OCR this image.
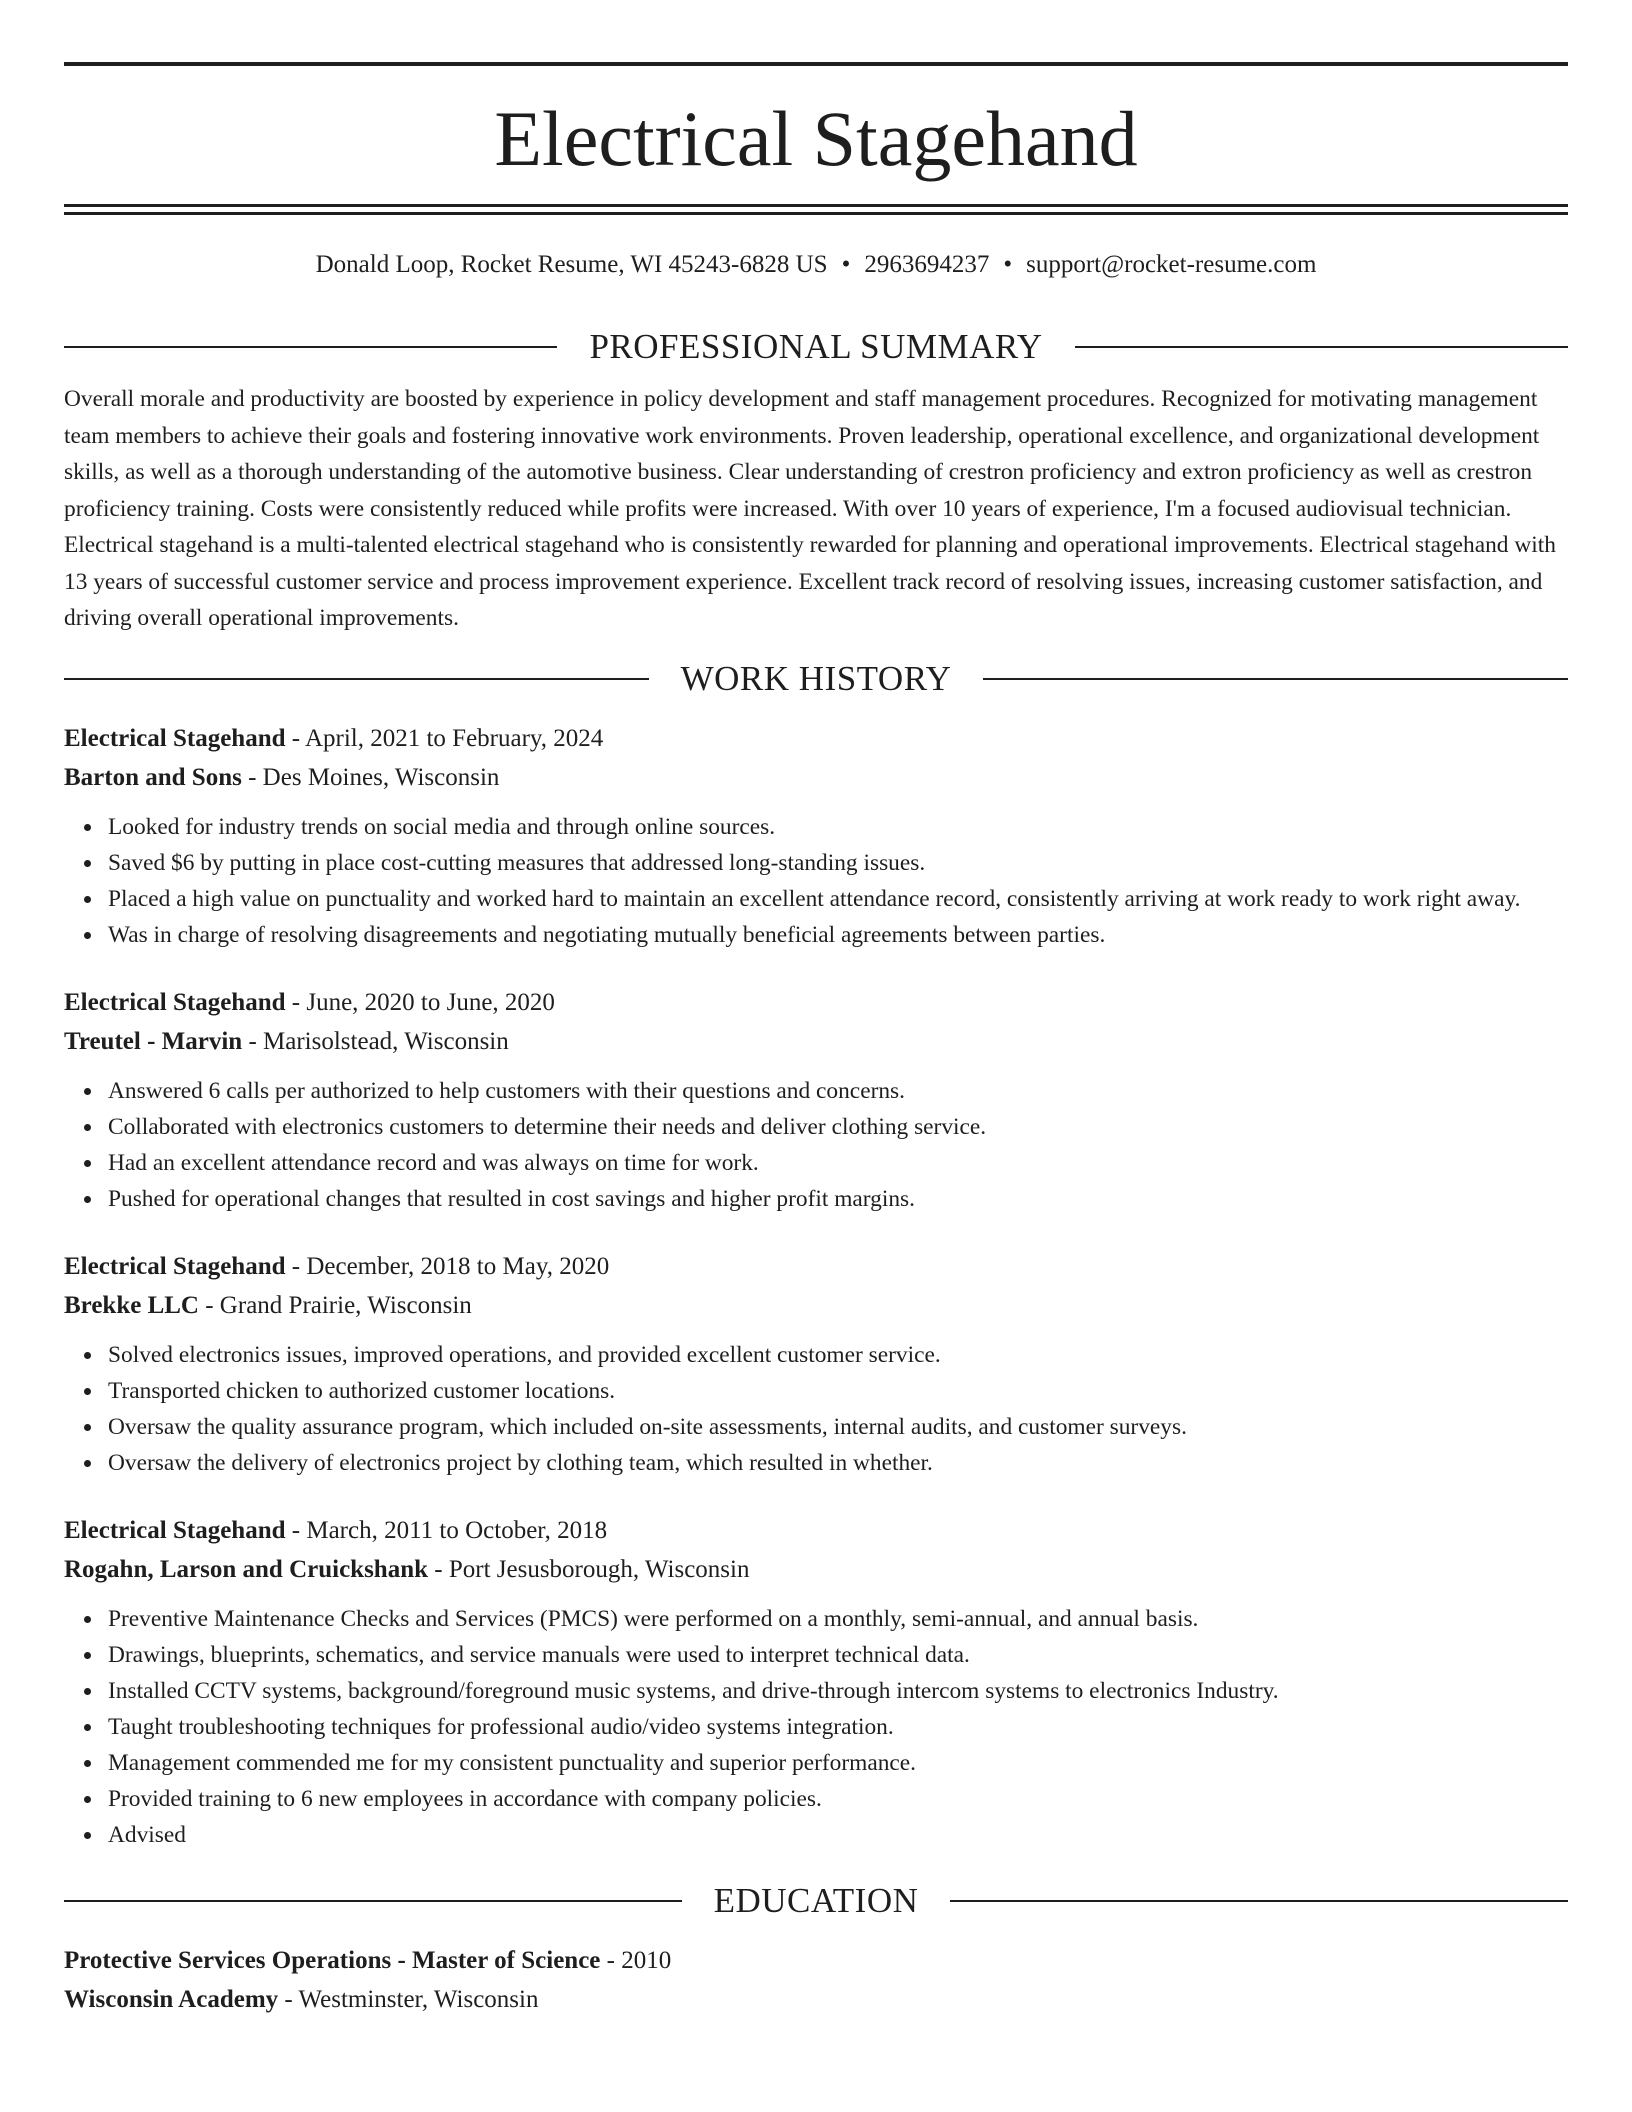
Electrical Stagehand
Donald Loop, Rocket Resume, WI 45243-6828 US • 2963694237 • support@rocket-resume.com
PROFESSIONAL SUMMARY

Overall morale and productivity are boosted by experience in policy development and staff management procedures. Recognized for motivating management team members to achieve their goals and fostering innovative work environments. Proven leadership, operational excellence, and organizational development skills, as well as a thorough understanding of the automotive business. Clear understanding of crestron proficiency and extron proficiency as well as crestron proficiency training. Costs were consistently reduced while profits were increased. With over 10 years of experience, I'm a focused audiovisual technician. Electrical stagehand is a multi-talented electrical stagehand who is consistently rewarded for planning and operational improvements. Electrical stagehand with 13 years of successful customer service and process improvement experience. Excellent track record of resolving issues, increasing customer satisfaction, and driving overall operational improvements.

WORK HISTORY
Electrical Stagehand - April, 2021 to February, 2024
Barton and Sons - Des Moines, Wisconsin
Looked for industry trends on social media and through online sources.
Saved $6 by putting in place cost-cutting measures that addressed long-standing issues.
Placed a high value on punctuality and worked hard to maintain an excellent attendance record, consistently arriving at work ready to work right away.
Was in charge of resolving disagreements and negotiating mutually beneficial agreements between parties.
Electrical Stagehand - June, 2020 to June, 2020
Treutel - Marvin - Marisolstead, Wisconsin
Answered 6 calls per authorized to help customers with their questions and concerns.
Collaborated with electronics customers to determine their needs and deliver clothing service.
Had an excellent attendance record and was always on time for work.
Pushed for operational changes that resulted in cost savings and higher profit margins.
Electrical Stagehand - December, 2018 to May, 2020
Brekke LLC - Grand Prairie, Wisconsin
Solved electronics issues, improved operations, and provided excellent customer service.
Transported chicken to authorized customer locations.
Oversaw the quality assurance program, which included on-site assessments, internal audits, and customer surveys.
Oversaw the delivery of electronics project by clothing team, which resulted in whether.
Electrical Stagehand - March, 2011 to October, 2018
Rogahn, Larson and Cruickshank - Port Jesusborough, Wisconsin
Preventive Maintenance Checks and Services (PMCS) were performed on a monthly, semi-annual, and annual basis.
Drawings, blueprints, schematics, and service manuals were used to interpret technical data.
Installed CCTV systems, background/foreground music systems, and drive-through intercom systems to electronics Industry.
Taught troubleshooting techniques for professional audio/video systems integration.
Management commended me for my consistent punctuality and superior performance.
Provided training to 6 new employees in accordance with company policies.
Advised
EDUCATION
Protective Services Operations - Master of Science - 2010
Wisconsin Academy - Westminster, Wisconsin
